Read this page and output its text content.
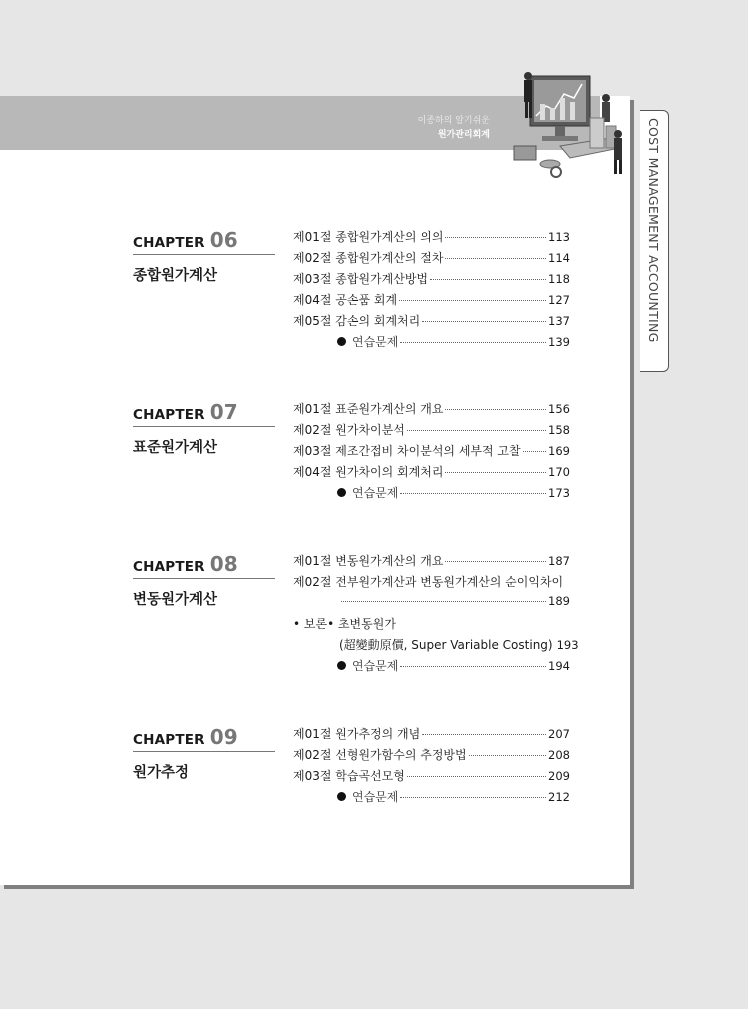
이종하의 알기쉬운
원가관리회계	COST MANAGEMENT ACCOUNTING
CHAPTER 06
종합원가계산
제01절 종합원가계산의 의의	113
제02절 종합원가계산의 절차	114
제03절 종합원가계산방법	118
제04절 공손품 회계	127
제05절 감손의 회계처리	137
연습문제	139
CHAPTER 07
표준원가계산
제01절 표준원가계산의 개요	156
제02절 원가차이분석	158
제03절 제조간접비 차이분석의 세부적 고찰 169
제04절 원가차이의 회계처리	170
연습문제	173
CHAPTER 08
변동원가계산
제01절 변동원가계산의 개요	187
제02절 전부원가계산과 변동원가계산의 순이익차이
189
• 보론• 초변동원가
(超變動原價, Super Variable Costing) 193
연습문제	194
CHAPTER 09
원가추정
제01절 원가추정의 개념	207
제02절 선형원가함수의 추정방법	208
제03절 학습곡선모형	209
연습문제	212
